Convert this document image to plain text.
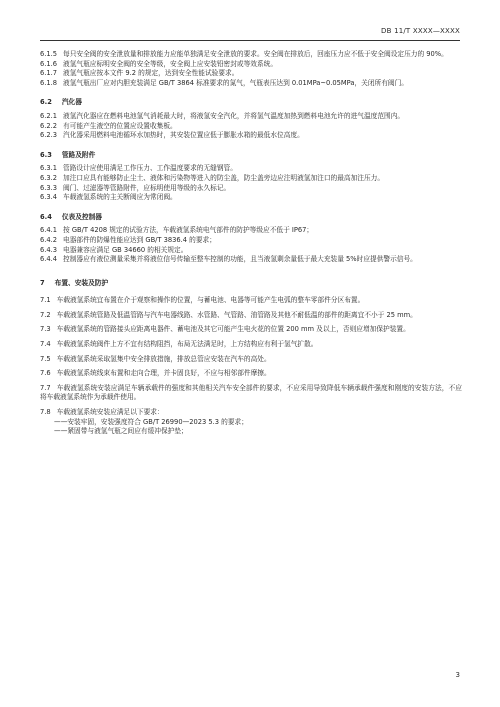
DB 11/T XXXX—XXXX

6.1.5 每只安全阀的安全泄放量和排放能力应能单独满足安全泄放的要求。安全阀在排放后，回座压力应不低于安全阀设定压力的 90%。

6.1.6 液氢气瓶应标明安全阀的安全等级，安全阀上应安装铅密封或等效系统。

6.1.7 液氢气瓶应按本文件 9.2 的规定，达到安全性能试验要求。

6.1.8 液氢气瓶出厂应对内胆充装满足 GB/T 3864 标准要求的氮气，气瓶表压达到 0.01MPa~0.05MPa，关闭所有阀门。

6.2 汽化器

6.2.1 液氢汽化器应在燃料电池氢气消耗最大时，将液氢安全汽化，并将氢气温度加热到燃料电池允许的进气温度范围内。

6.2.2 有可能产生液空的位置应设置收集板。

6.2.3 汽化器采用燃料电池循环水加热时，其安装位置应低于膨胀水箱的最低水位高度。

6.3 管路及附件

6.3.1 管路设计应使用满足工作压力、工作温度要求的无缝钢管。

6.3.2 加注口应具有能够防止尘土、液体和污染物等进入的防尘盖，防尘盖旁边应注明液氢加注口的最高加注压力。

6.3.3 阀门、过滤器等管路附件，应标明使用等级的永久标记。

6.3.4 车载液氢系统的主关断阀应为常闭阀。

6.4 仪表及控制器

6.4.1 按 GB/T 4208 规定的试验方法，车载液氢系统电气部件的防护等级应不低于 IP67；

6.4.2 电器部件的防爆性能应达到 GB/T 3836.4 的要求；

6.4.3 电器兼容应满足 GB 34660 的相关规定。

6.4.4 控制器应有液位测量采集并将液位信号传输至整车控制的功能，且当液氢剩余量低于最大充装量 5%时应提供警示信号。

7 布置、安装及防护

7.1 车载液氢系统宜布置在介于观察和操作的位置，与蓄电池、电器等可能产生电弧的整车零部件分区布置。

7.2 车载液氢系统管路及低温管路与汽车电器线路、水管路、气管路、油管路及其他不耐低温的部件的距离宜不小于 25 mm。

7.3 车载液氢系统的管路接头应距离电器件、蓄电池及其它可能产生电火花的位置 200 mm 及以上，否则应增加保护装置。

7.4 车载液氢系统阀件上方不宜有结构阻挡，布局无法满足时，上方结构应有利于氢气扩散。

7.5 车载液氢系统采取氢集中安全排放措施，排放总管应安装在汽车的高处。

7.6 车载液氢系统线束布置和走向合理，并卡固良好，不应与相邻部件摩擦。

7.7 车载液氢系统安装应满足车辆承载件的强度和其他相关汽车安全部件的要求，不应采用导致降低车辆承载件强度和刚度的安装方法，不应将车载液氢系统作为承载件使用。

7.8 车载液氢系统安装应满足以下要求：

——安装牢固，安装强度符合 GB/T 26990—2023 5.3 的要求；

——紧固带与液氢气瓶之间应有缓冲保护垫；

3
